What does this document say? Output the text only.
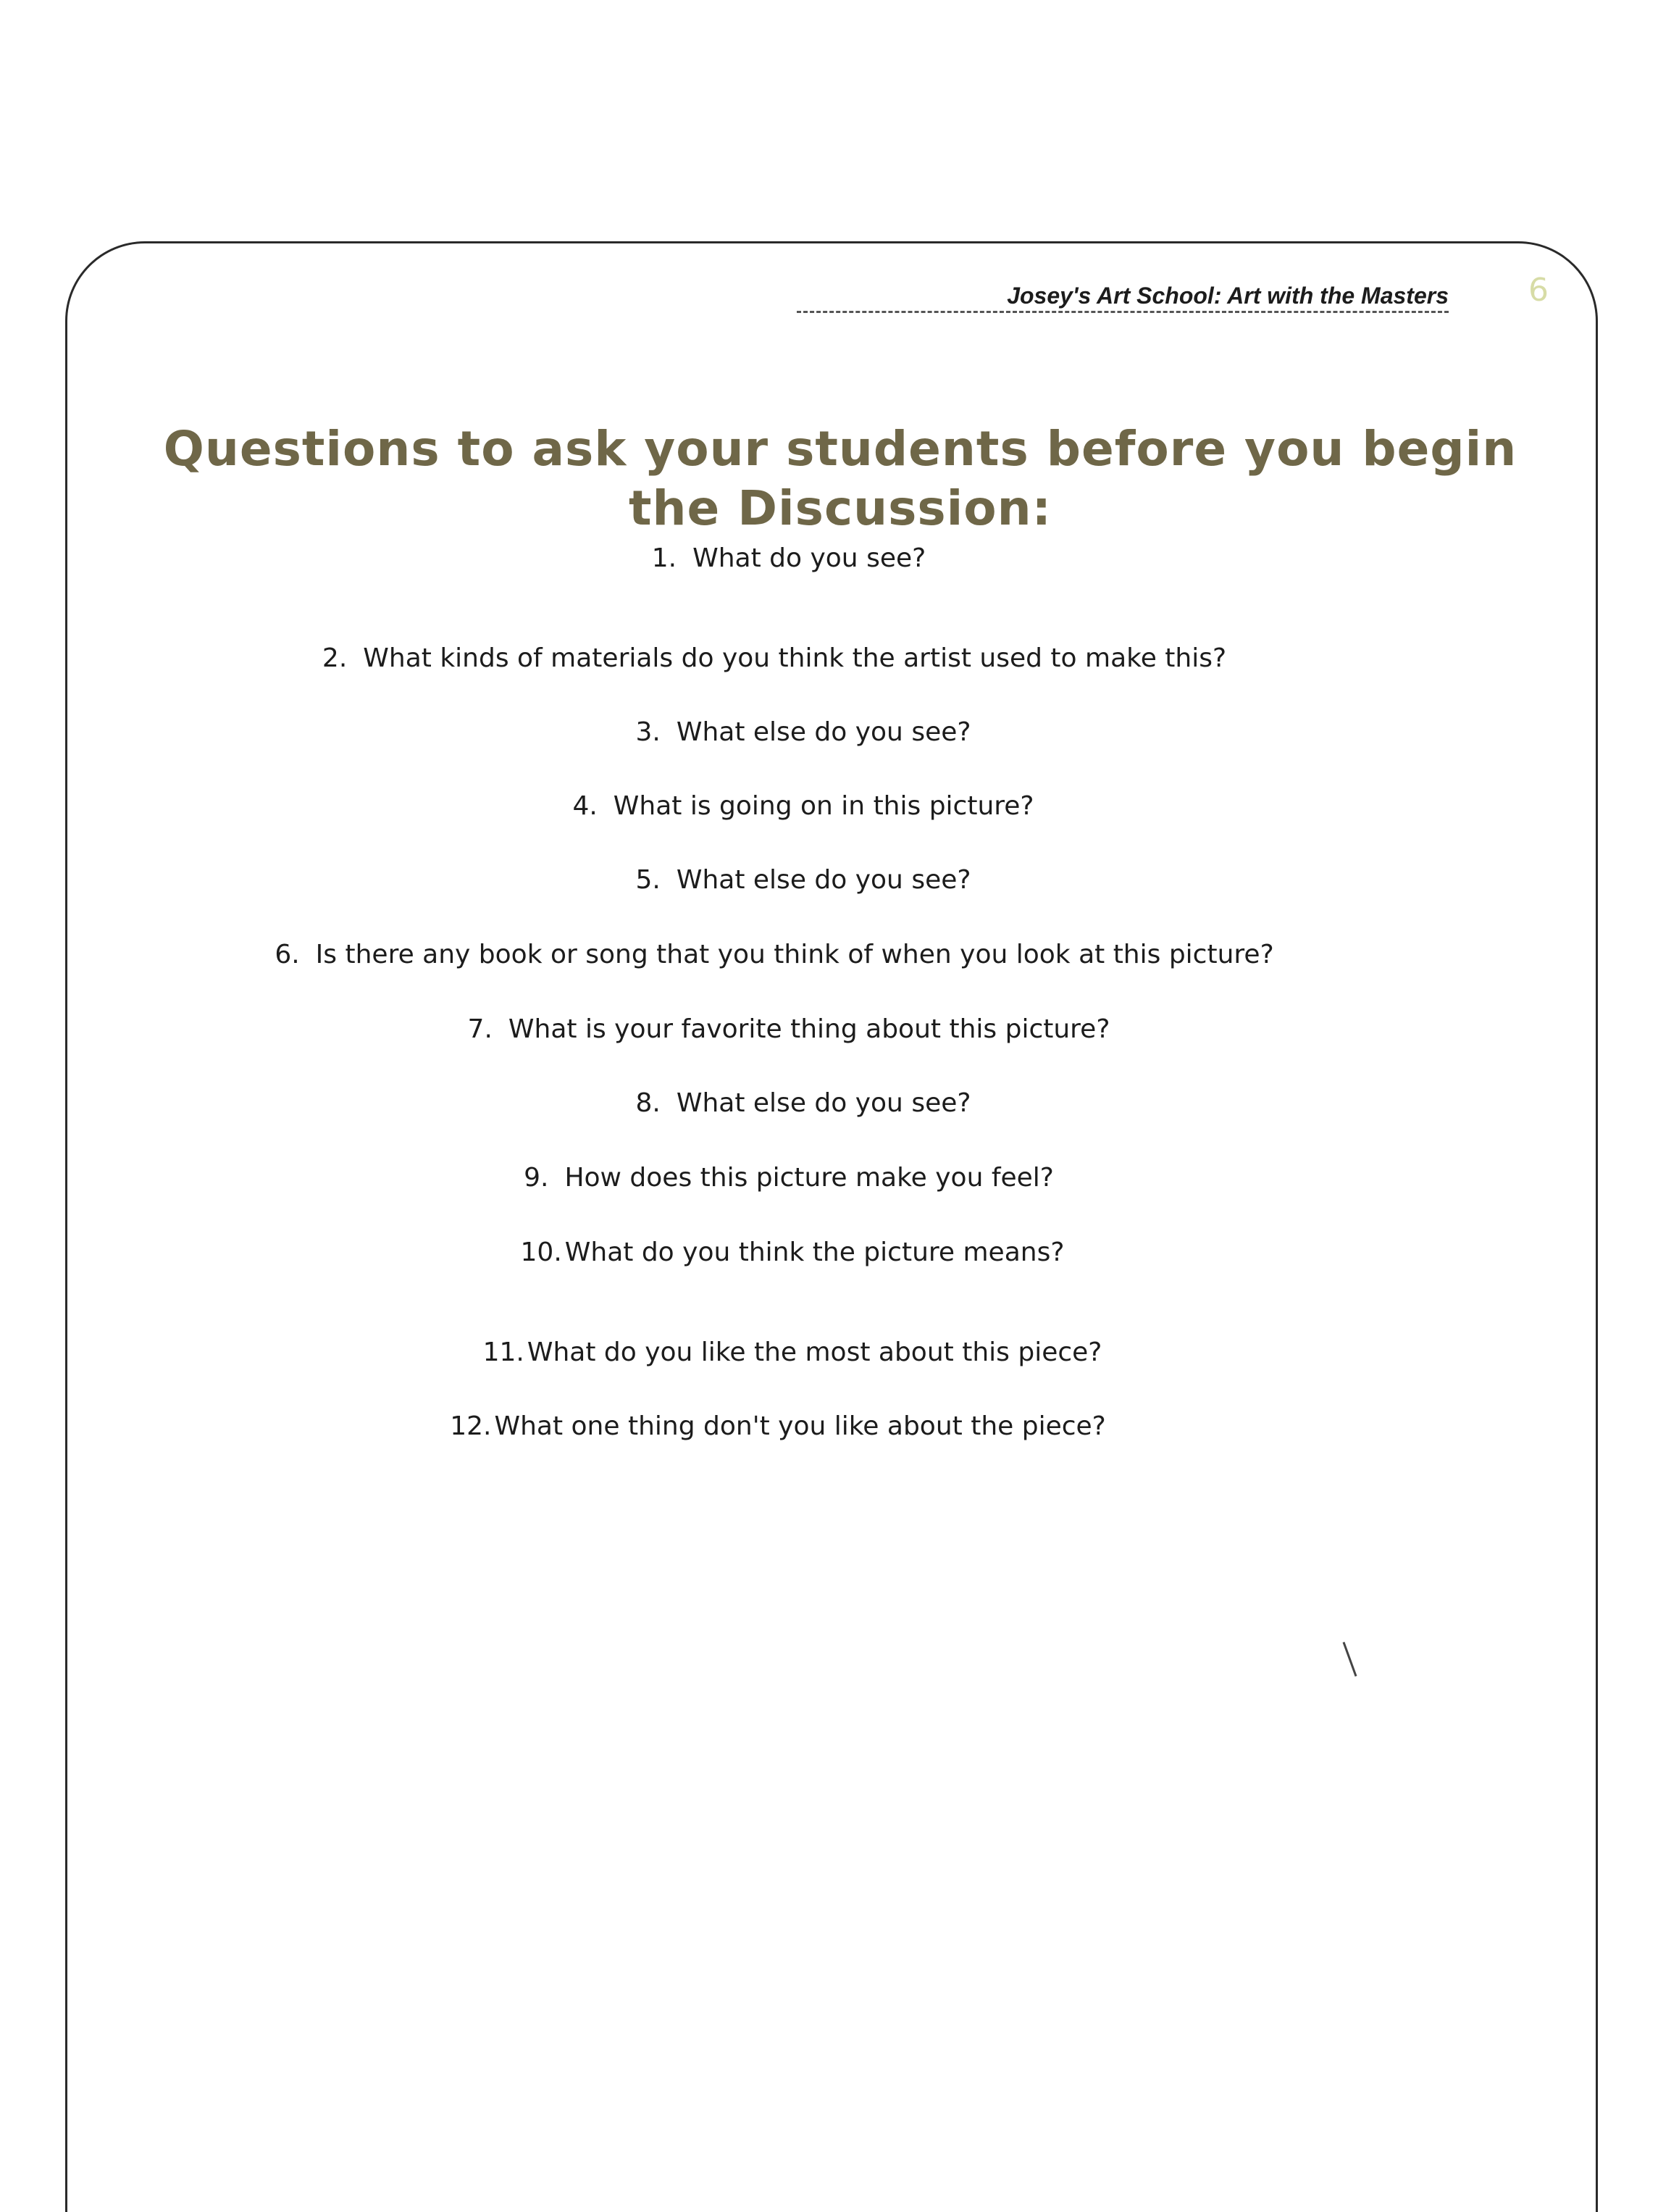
Josey's Art School: Art with the Masters	6
Questions to ask your students before you begin the Discussion:
1. What do you see?
2. What kinds of materials do you think the artist used to make this?
3. What else do you see?
4. What is going on in this picture?
5. What else do you see?
6. Is there any book or song that you think of when you look at this picture?
7. What is your favorite thing about this picture?
8. What else do you see?
9. How does this picture make you feel?
10. What do you think the picture means?
11. What do you like the most about this piece?
12. What one thing don't you like about the piece?
